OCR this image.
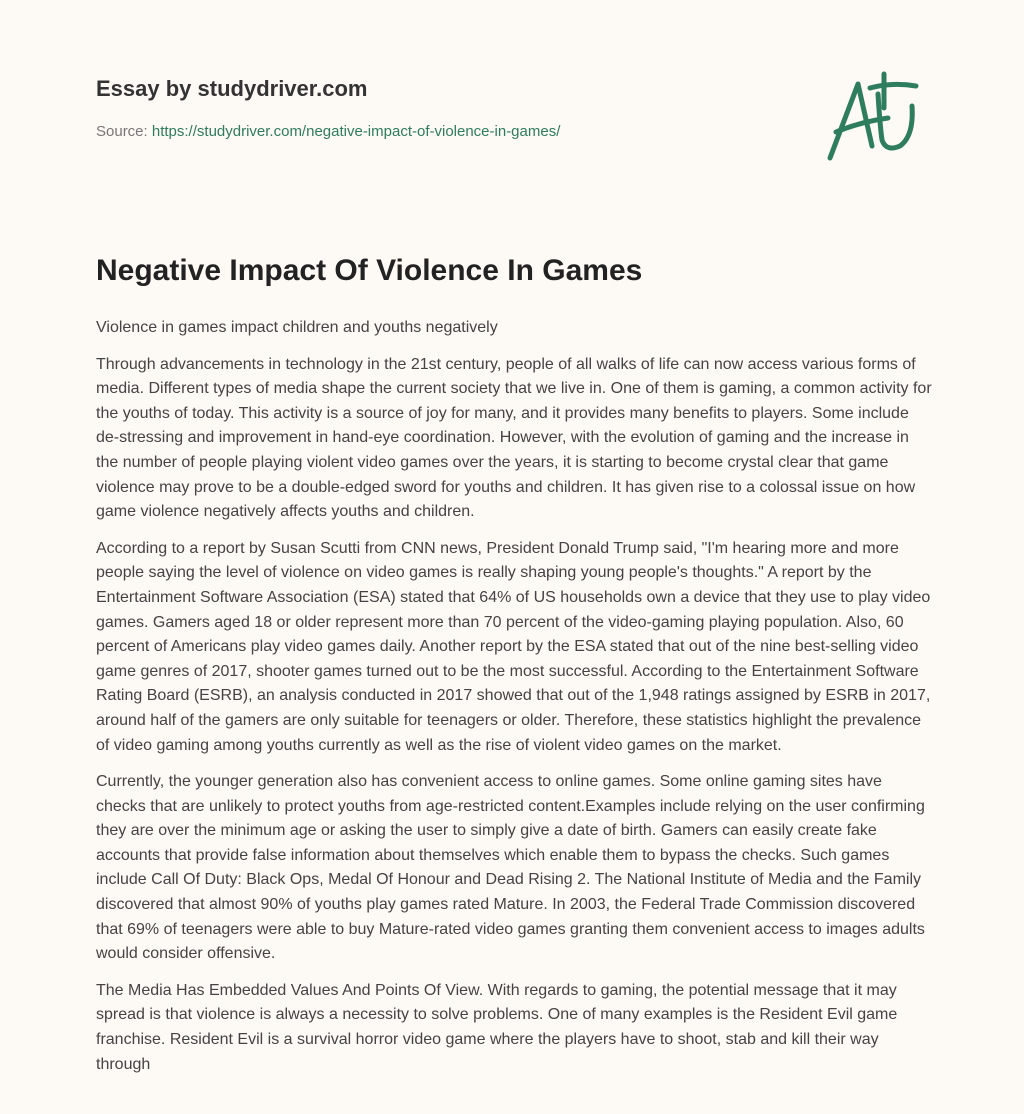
Essay by studydriver.com
Source: https://studydriver.com/negative-impact-of-violence-in-games/
Negative Impact Of Violence In Games

Violence in games impact children and youths negatively

Through advancements in technology in the 21st century, people of all walks of life can now access various forms of media. Different types of media shape the current society that we live in. One of them is gaming, a common activity for the youths of today. This activity is a source of joy for many, and it provides many benefits to players. Some include de-stressing and improvement in hand-eye coordination. However, with the evolution of gaming and the increase in the number of people playing violent video games over the years, it is starting to become crystal clear that game violence may prove to be a double-edged sword for youths and children. It has given rise to a colossal issue on how game violence negatively affects youths and children.

According to a report by Susan Scutti from CNN news, President Donald Trump said, "I'm hearing more and more people saying the level of violence on video games is really shaping young people's thoughts." A report by the Entertainment Software Association (ESA) stated that 64% of US households own a device that they use to play video games. Gamers aged 18 or older represent more than 70 percent of the video-gaming playing population. Also, 60 percent of Americans play video games daily. Another report by the ESA stated that out of the nine best-selling video game genres of 2017, shooter games turned out to be the most successful. According to the Entertainment Software Rating Board (ESRB), an analysis conducted in 2017 showed that out of the 1,948 ratings assigned by ESRB in 2017, around half of the gamers are only suitable for teenagers or older. Therefore, these statistics highlight the prevalence of video gaming among youths currently as well as the rise of violent video games on the market.

Currently, the younger generation also has convenient access to online games. Some online gaming sites have checks that are unlikely to protect youths from age-restricted content.Examples include relying on the user confirming they are over the minimum age or asking the user to simply give a date of birth. Gamers can easily create fake accounts that provide false information about themselves which enable them to bypass the checks. Such games include Call Of Duty: Black Ops, Medal Of Honour and Dead Rising 2. The National Institute of Media and the Family discovered that almost 90% of youths play games rated Mature. In 2003, the Federal Trade Commission discovered that 69% of teenagers were able to buy Mature-rated video games granting them convenient access to images adults would consider offensive.

The Media Has Embedded Values And Points Of View. With regards to gaming, the potential message that it may spread is that violence is always a necessity to solve problems. One of many examples is the Resident Evil game franchise. Resident Evil is a survival horror video game where the players have to shoot, stab and kill their way through
